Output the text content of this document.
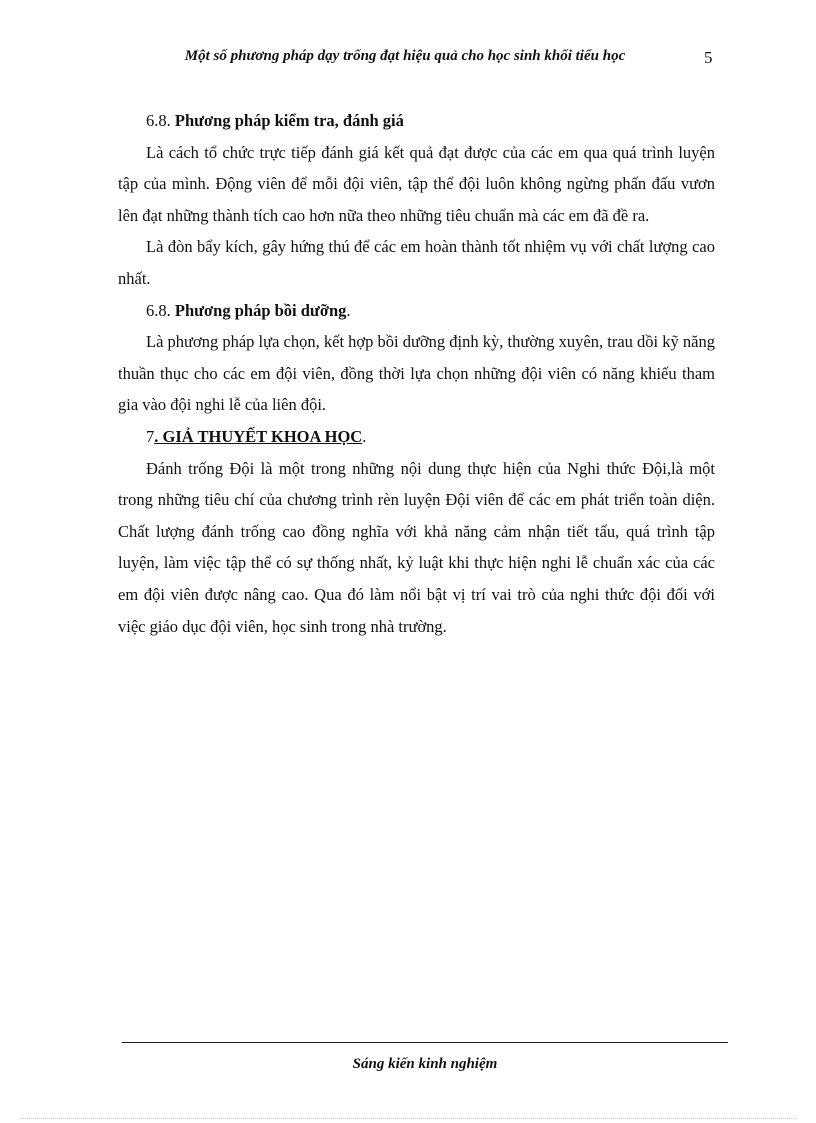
Một số phương pháp dạy trống đạt hiệu quả cho học sinh khối tiểu học	5

6.8. Phương pháp kiểm tra, đánh giá

Là cách tổ chức trực tiếp đánh giá kết quả đạt được của các em qua quá trình luyện tập của mình. Động viên để mỗi đội viên, tập thể đội luôn không ngừng phấn đấu vươn lên đạt những thành tích cao hơn nữa theo những tiêu chuẩn mà các em đã đề ra.

Là đòn bẩy kích, gây hứng thú để các em hoàn thành tốt nhiệm vụ với chất lượng cao nhất.

6.8. Phương pháp bồi dưỡng.

Là phương pháp lựa chọn, kết hợp bồi dưỡng định kỳ, thường xuyên, trau dồi kỹ năng thuần thục cho các em đội viên, đồng thời lựa chọn những đội viên có năng khiếu tham gia vào đội nghi lễ của liên đội.

7. GIẢ THUYẾT KHOA HỌC.

Đánh trống Đội là một trong những nội dung thực hiện của Nghi thức Đội,là một trong những tiêu chí của chương trình rèn luyện Đội viên để các em phát triển toàn diện. Chất lượng đánh trống cao đồng nghĩa với khả năng cảm nhận tiết tấu, quá trình tập luyện, làm việc tập thể có sự thống nhất, kỷ luật khi thực hiện nghi lễ chuẩn xác của các em đội viên được nâng cao. Qua đó làm nổi bật vị trí vai trò của nghi thức đội đối với việc giáo dục đội viên, học sinh trong nhà trường.

Sáng kiến kinh nghiệm
